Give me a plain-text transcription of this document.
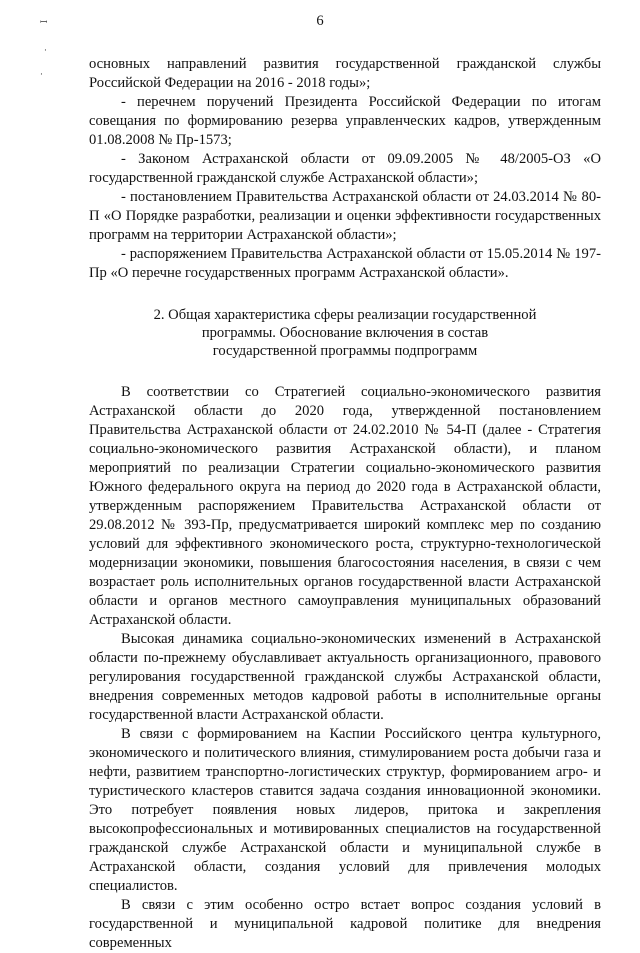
ꟷ
·
·
6

основных направлений развития государственной гражданской службы Российской Федерации на 2016 - 2018 годы»;

- перечнем поручений Президента Российской Федерации по итогам совещания по формированию резерва управленческих кадров, утвержденным 01.08.2008 № Пр-1573;

- Законом Астраханской области от 09.09.2005 № 48/2005-ОЗ «О государственной гражданской службе Астраханской области»;

- постановлением Правительства Астраханской области от 24.03.2014 № 80-П «О Порядке разработки, реализации и оценки эффективности государственных программ на территории Астраханской области»;

- распоряжением Правительства Астраханской области от 15.05.2014 № 197-Пр «О перечне государственных программ Астраханской области».

2. Общая характеристика сферы реализации государственной

программы. Обоснование включения в состав

государственной программы подпрограмм

В соответствии со Стратегией социально-экономического развития Астраханской области до 2020 года, утвержденной постановлением Правительства Астраханской области от 24.02.2010 № 54-П (далее - Стратегия социально-экономического развития Астраханской области), и планом мероприятий по реализации Стратегии социально-экономического развития Южного федерального округа на период до 2020 года в Астраханской области, утвержденным распоряжением Правительства Астраханской области от 29.08.2012 № 393-Пр, предусматривается широкий комплекс мер по созданию условий для эффективного экономического роста, структурно-технологической модернизации экономики, повышения благосостояния населения, в связи с чем возрастает роль исполнительных органов государственной власти Астраханской области и органов местного самоуправления муниципальных образований Астраханской области.

Высокая динамика социально-экономических изменений в Астраханской области по-прежнему обуславливает актуальность организационного, правового регулирования государственной гражданской службы Астраханской области, внедрения современных методов кадровой работы в исполнительные органы государственной власти Астраханской области.

В связи с формированием на Каспии Российского центра культурного, экономического и политического влияния, стимулированием роста добычи газа и нефти, развитием транспортно-логистических структур, формированием агро- и туристического кластеров ставится задача создания инновационной экономики. Это потребует появления новых лидеров, притока и закрепления высокопрофессиональных и мотивированных специалистов на государственной гражданской службе Астраханской области и муниципальной службе в Астраханской области, создания условий для привлечения молодых специалистов.

В связи с этим особенно остро встает вопрос создания условий в государственной и муниципальной кадровой политике для внедрения современных
